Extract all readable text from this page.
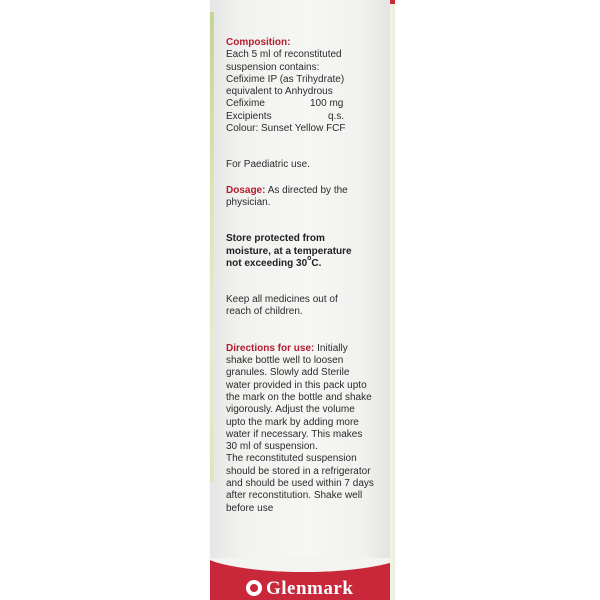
Composition:
Each 5 ml of reconstituted
suspension contains:
Cefixime IP (as Trihydrate)
equivalent to Anhydrous
Cefixime	100 mg
Excipients	q.s.
Colour: Sunset Yellow FCF
For Paediatric use.
Dosage: As directed by the
physician.
Store protected from
moisture, at a temperature
not exceeding 30$^o$C.
Keep all medicines out of
reach of children.
Directions for use: Initially
shake bottle well to loosen
granules. Slowly add Sterile
water provided in this pack upto
the mark on the bottle and shake
vigorously. Adjust the volume
upto the mark by adding more
water if necessary. This makes
30 ml of suspension.
The reconstituted suspension
should be stored in a refrigerator
and should be used within 7 days
after reconstitution. Shake well
before use
Glenmark
